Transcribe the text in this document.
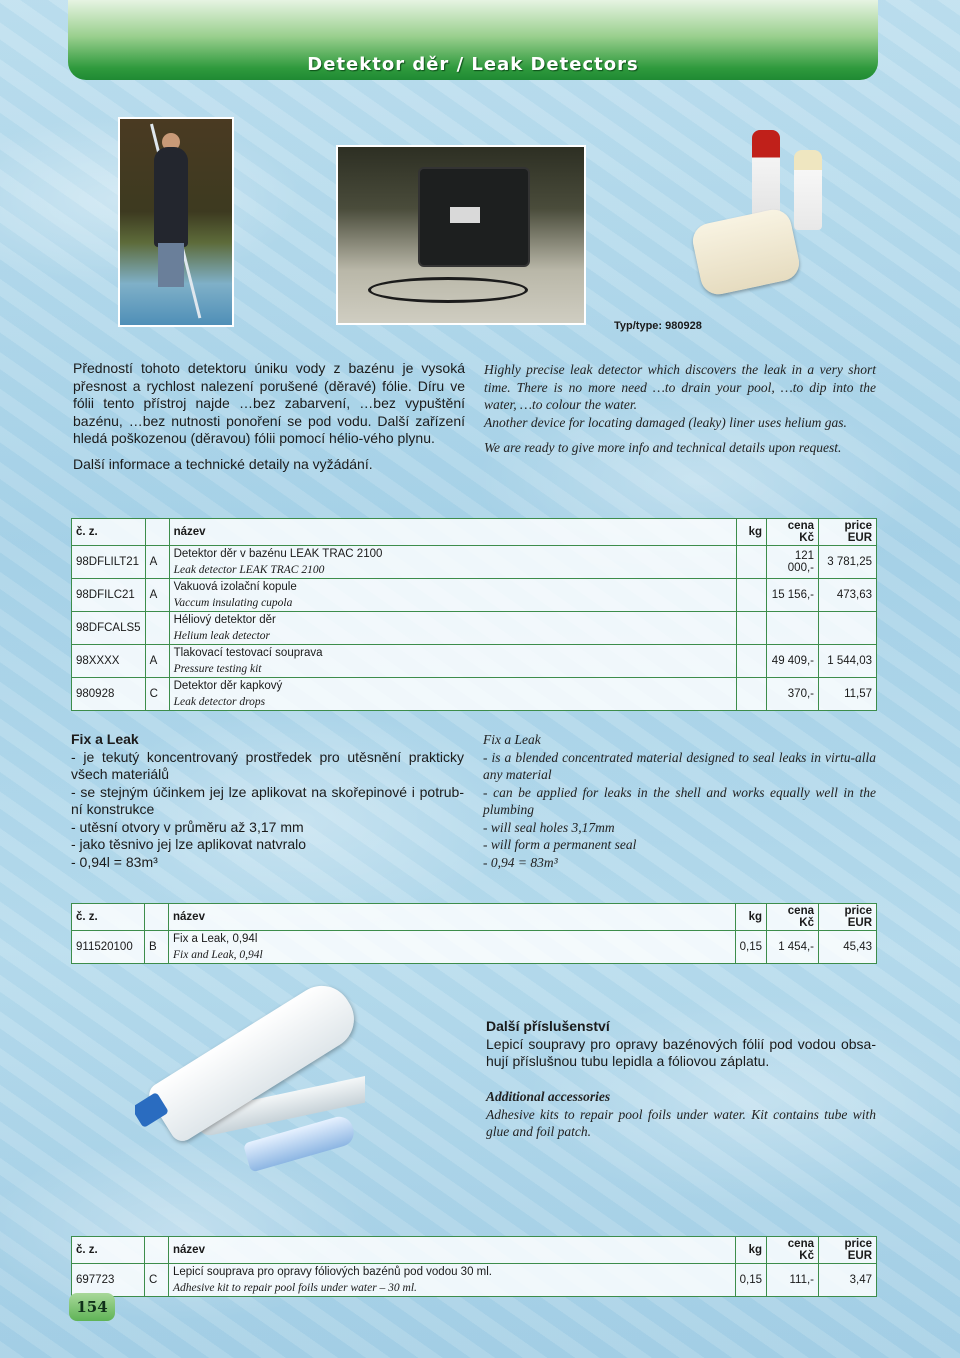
Detektor děr / Leak Detectors
Typ/type: 980928

Předností tohoto detektoru úniku vody z bazénu je vysoká přesnost a rychlost nalezení porušené (děravé) fólie. Díru ve fólii tento přístroj najde …bez zabarvení, …bez vypuštění bazénu, …bez nutnosti ponoření se pod vodu. Další zařízení hledá poškozenou (děravou) fólii pomocí hélio-vého plynu.

Další informace a technické detaily na vyžádání.

Highly precise leak detector which discovers the leak in a very short time. There is no more need …to drain your pool, …to dip into the water, …to colour the water.

Another device for locating damaged (leaky) liner uses helium gas.

We are ready to give more info and technical details upon request.

č. z.		název	kg	cena Kč	price EUR
98DFLILT21	A	Detektor děr v bazénu LEAK TRAC 2100
Leak detector LEAK TRAC 2100		121 000,-	3 781,25
98DFILC21	A	Vakuová izolační kopule
Vaccum insulating cupola		15 156,-	473,63
98DFCALS5		Héliový detektor děr
Helium leak detector			

98XXXX	A	Tlakovací testovací souprava
Pressure testing kit		49 409,-	1 544,03
980928	C	Detektor děr kapkový
Leak detector drops		370,-	11,57
Fix a Leak
- je tekutý koncentrovaný prostředek pro utěsnění prakticky všech materiálů
- se stejným účinkem jej lze aplikovat na skořepinové i potrub-ní konstrukce
- utěsní otvory v průměru až 3,17 mm
- jako těsnivo jej lze aplikovat natvralo
- 0,94l = 83m³
Fix a Leak
- is a blended concentrated material designed to seal leaks in virtu-alla any material
- can be applied for leaks in the shell and works equally well in the plumbing
- will seal holes 3,17mm
- will form a permanent seal
- 0,94 = 83m³
č. z.		název	kg	cena Kč	price EUR
911520100	B	Fix a Leak, 0,94l
Fix and Leak, 0,94l	0,15	1 454,-	45,43
Další příslušenství

Lepicí soupravy pro opravy bazénových fólií pod vodou obsa-hují příslušnou tubu lepidla a fóliovou záplatu.

Additional accessories

Adhesive kits to repair pool foils under water. Kit contains tube with glue and foil patch.

č. z.		název	kg	cena Kč	price EUR
697723	C	Lepicí souprava pro opravy fóliových bazénů pod vodou 30 ml.
Adhesive kit to repair pool foils under water – 30 ml.	0,15	111,-	3,47
154
